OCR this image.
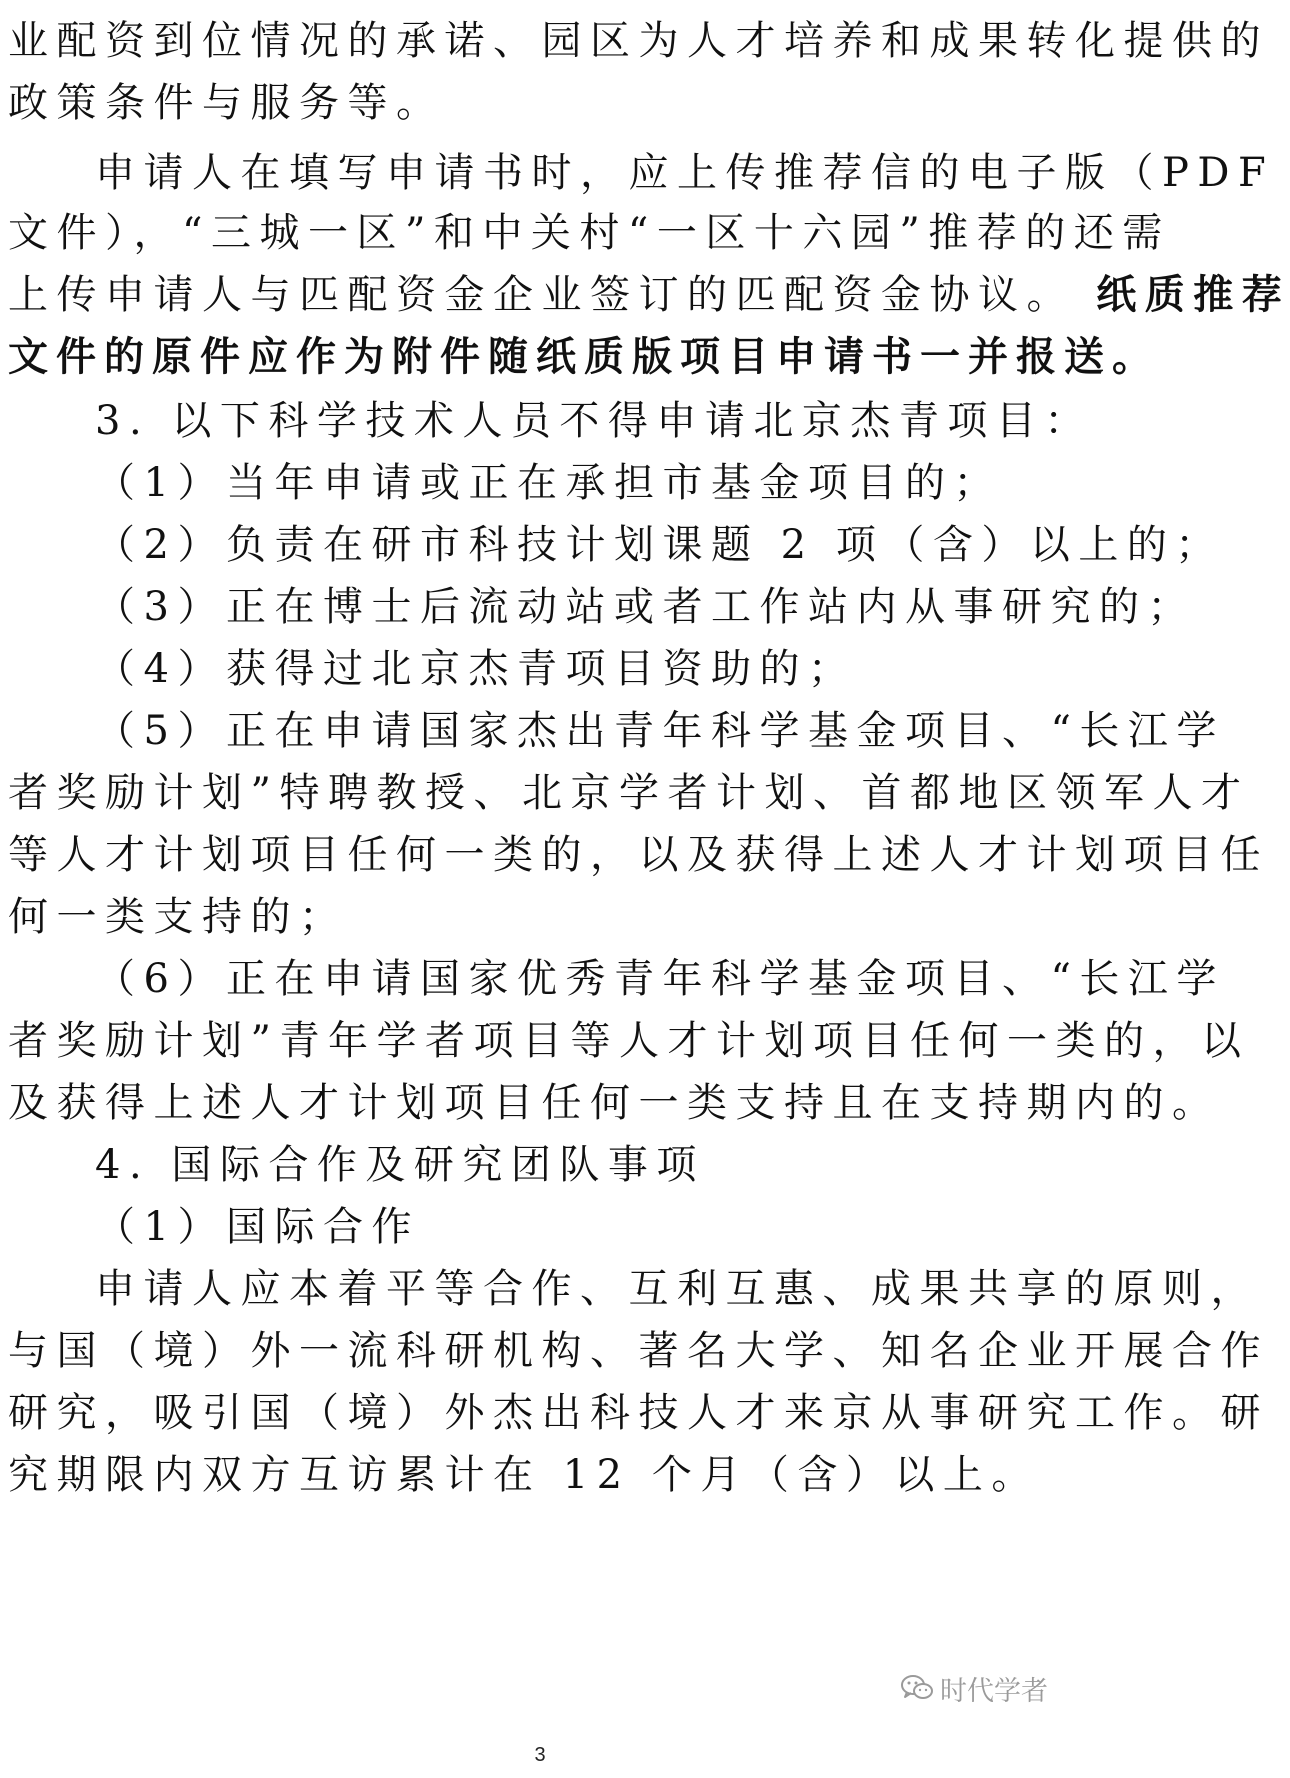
业配资到位情况的承诺、园区为人才培养和成果转化提供的
政策条件与服务等。
申请人在填写申请书时，应上传推荐信的电子版（PDF
文件），“三城一区”和中关村“一区十六园”推荐的还需
上传申请人与匹配资金企业签订的匹配资金协议。 纸质推荐
文件的原件应作为附件随纸质版项目申请书一并报送。
3. 以下科学技术人员不得申请北京杰青项目：
（1）当年申请或正在承担市基金项目的；
（2）负责在研市科技计划课题 2 项（含）以上的；
（3）正在博士后流动站或者工作站内从事研究的；
（4）获得过北京杰青项目资助的；
（5）正在申请国家杰出青年科学基金项目、“长江学
者奖励计划”特聘教授、北京学者计划、首都地区领军人才
等人才计划项目任何一类的，以及获得上述人才计划项目任
何一类支持的；
（6）正在申请国家优秀青年科学基金项目、“长江学
者奖励计划”青年学者项目等人才计划项目任何一类的，以
及获得上述人才计划项目任何一类支持且在支持期内的。
4. 国际合作及研究团队事项
（1）国际合作
申请人应本着平等合作、互利互惠、成果共享的原则，
与国（境）外一流科研机构、著名大学、知名企业开展合作
研究，吸引国（境）外杰出科技人才来京从事研究工作。研
究期限内双方互访累计在 12 个月（含）以上。
时代学者
3
